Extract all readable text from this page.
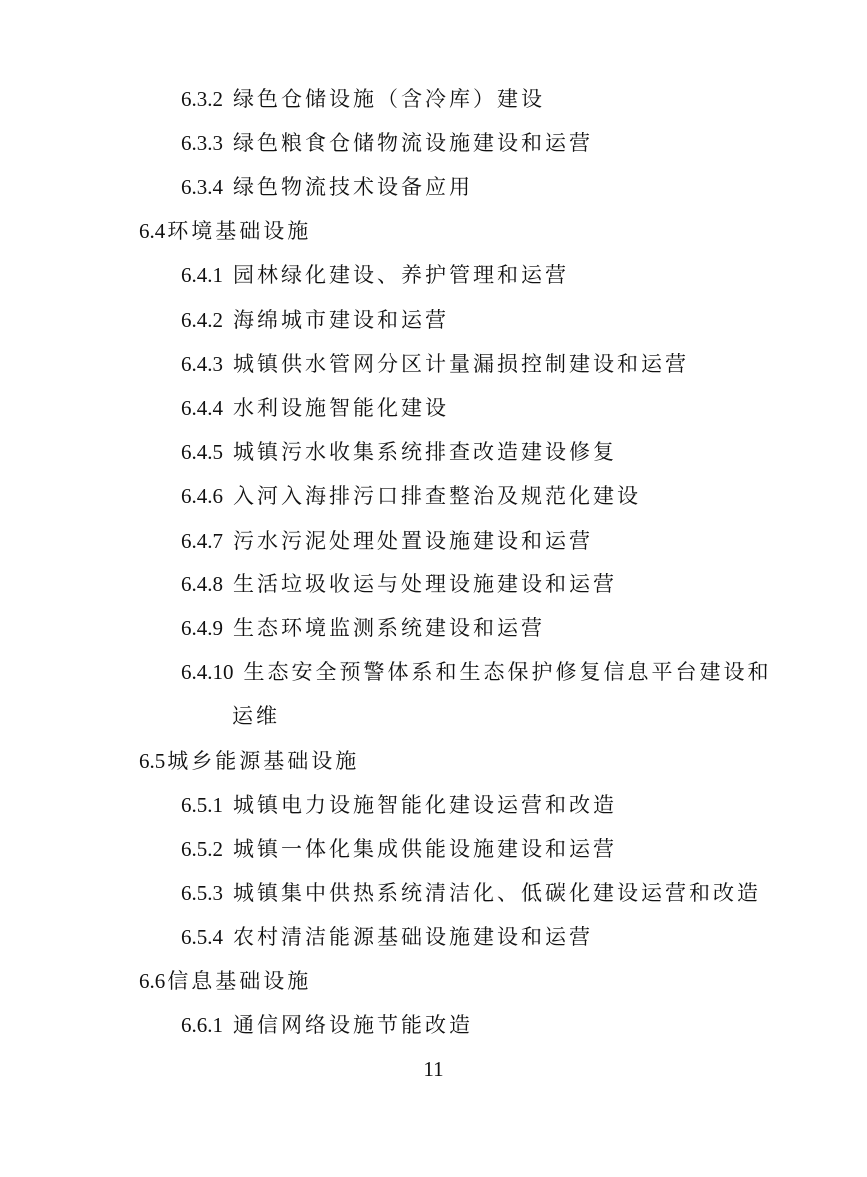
6.3.2 绿色仓储设施（含冷库）建设
6.3.3 绿色粮食仓储物流设施建设和运营
6.3.4 绿色物流技术设备应用
6.4环境基础设施
6.4.1 园林绿化建设、养护管理和运营
6.4.2 海绵城市建设和运营
6.4.3 城镇供水管网分区计量漏损控制建设和运营
6.4.4 水利设施智能化建设
6.4.5 城镇污水收集系统排查改造建设修复
6.4.6 入河入海排污口排查整治及规范化建设
6.4.7 污水污泥处理处置设施建设和运营
6.4.8 生活垃圾收运与处理设施建设和运营
6.4.9 生态环境监测系统建设和运营
6.4.10 生态安全预警体系和生态保护修复信息平台建设和
运维
6.5城乡能源基础设施
6.5.1 城镇电力设施智能化建设运营和改造
6.5.2 城镇一体化集成供能设施建设和运营
6.5.3 城镇集中供热系统清洁化、低碳化建设运营和改造
6.5.4 农村清洁能源基础设施建设和运营
6.6信息基础设施
6.6.1 通信网络设施节能改造
11
